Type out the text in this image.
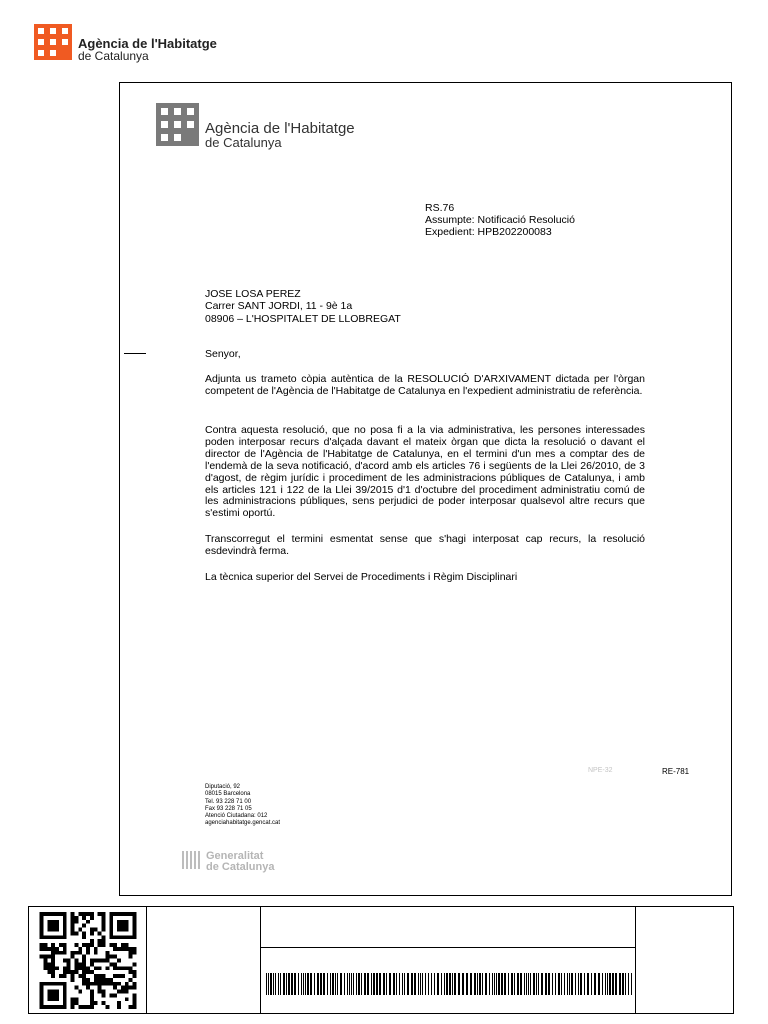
Agència de l'Habitatge
de Catalunya
Agència de l'Habitatge
de Catalunya
RS.76
Assumpte: Notificació Resolució
Expedient: HPB202200083
JOSE LOSA PEREZ
Carrer SANT JORDI, 11 - 9è 1a
08906 – L'HOSPITALET DE LLOBREGAT
Senyor,
Adjunta us trameto còpia autèntica de la RESOLUCIÓ D'ARXIVAMENT dictada per l'òrgan competent de l'Agència de l'Habitatge de Catalunya en l'expedient administratiu de referència.
Contra aquesta resolució, que no posa fi a la via administrativa, les persones interessades poden interposar recurs d'alçada davant el mateix òrgan que dicta la resolució o davant el director de l'Agència de l'Habitatge de Catalunya, en el termini d'un mes a comptar des de l'endemà de la seva notificació, d'acord amb els articles 76 i següents de la Llei 26/2010, de 3 d'agost, de règim jurídic i procediment de les administracions públiques de Catalunya, i amb els articles 121 i 122 de la Llei 39/2015 d'1 d'octubre del procediment administratiu comú de les administracions públiques, sens perjudici de poder interposar qualsevol altre recurs que s'estimi oportú.
Transcorregut el termini esmentat sense que s'hagi interposat cap recurs, la resolució esdevindrà ferma.
La tècnica superior del Servei de Procediments i Règim Disciplinari
NPE-32	RE-781
Diputació, 92
08015 Barcelona
Tel. 93 228 71 00
Fax 93 228 71 05
Atenció Ciutadana: 012
agenciahabitatge.gencat.cat
Generalitat
de Catalunya
